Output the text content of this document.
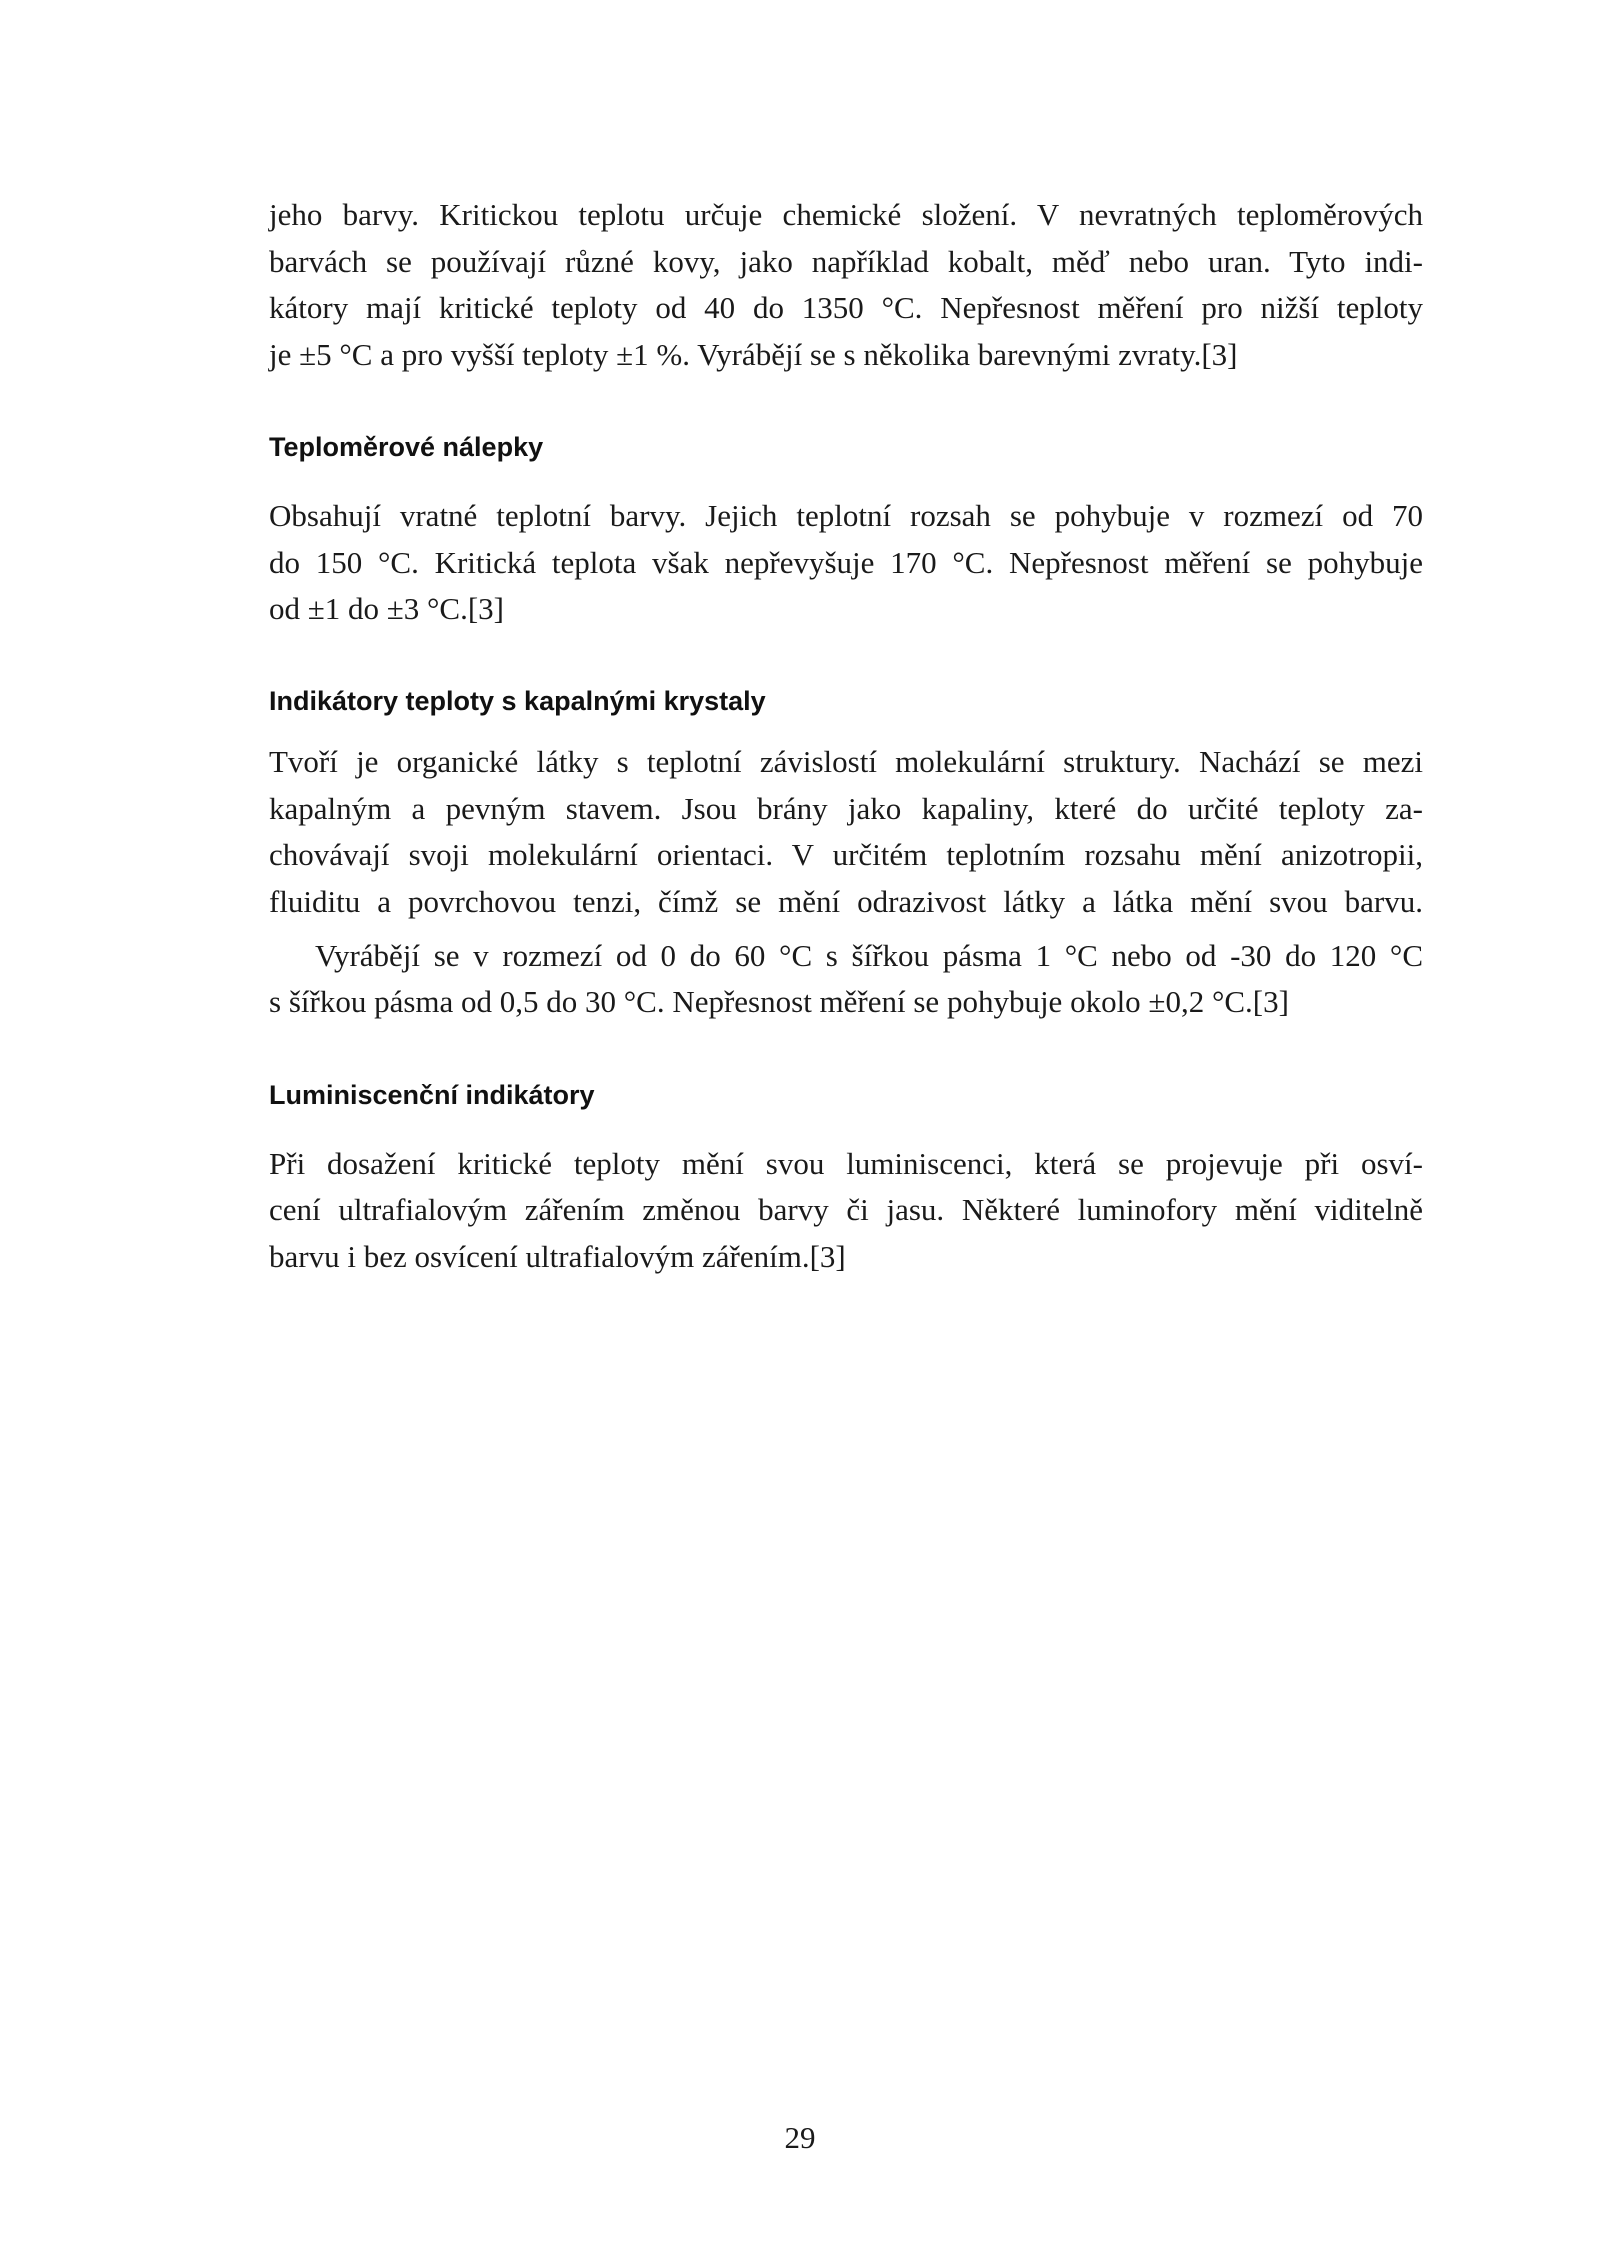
jeho barvy. Kritickou teplotu určuje chemické složení. V nevratných teploměrových
barvách se používají různé kovy, jako například kobalt, měď nebo uran. Tyto indi-
kátory mají kritické teploty od 40 do 1350 °C. Nepřesnost měření pro nižší teploty
je ±5 °C a pro vyšší teploty ±1 %. Vyrábějí se s několika barevnými zvraty.[3]
Teploměrové nálepky
Obsahují vratné teplotní barvy. Jejich teplotní rozsah se pohybuje v rozmezí od 70
do 150 °C. Kritická teplota však nepřevyšuje 170 °C. Nepřesnost měření se pohybuje
od ±1 do ±3 °C.[3]
Indikátory teploty s kapalnými krystaly
Tvoří je organické látky s teplotní závislostí molekulární struktury. Nachází se mezi
kapalným a pevným stavem. Jsou brány jako kapaliny, které do určité teploty za-
chovávají svoji molekulární orientaci. V určitém teplotním rozsahu mění anizotropii,
fluiditu a povrchovou tenzi, čímž se mění odrazivost látky a látka mění svou barvu.
Vyrábějí se v rozmezí od 0 do 60 °C s šířkou pásma 1 °C nebo od -30 do 120 °C
s šířkou pásma od 0,5 do 30 °C. Nepřesnost měření se pohybuje okolo ±0,2 °C.[3]
Luminiscenční indikátory
Při dosažení kritické teploty mění svou luminiscenci, která se projevuje při osví-
cení ultrafialovým zářením změnou barvy či jasu. Některé luminofory mění viditelně
barvu i bez osvícení ultrafialovým zářením.[3]
29
